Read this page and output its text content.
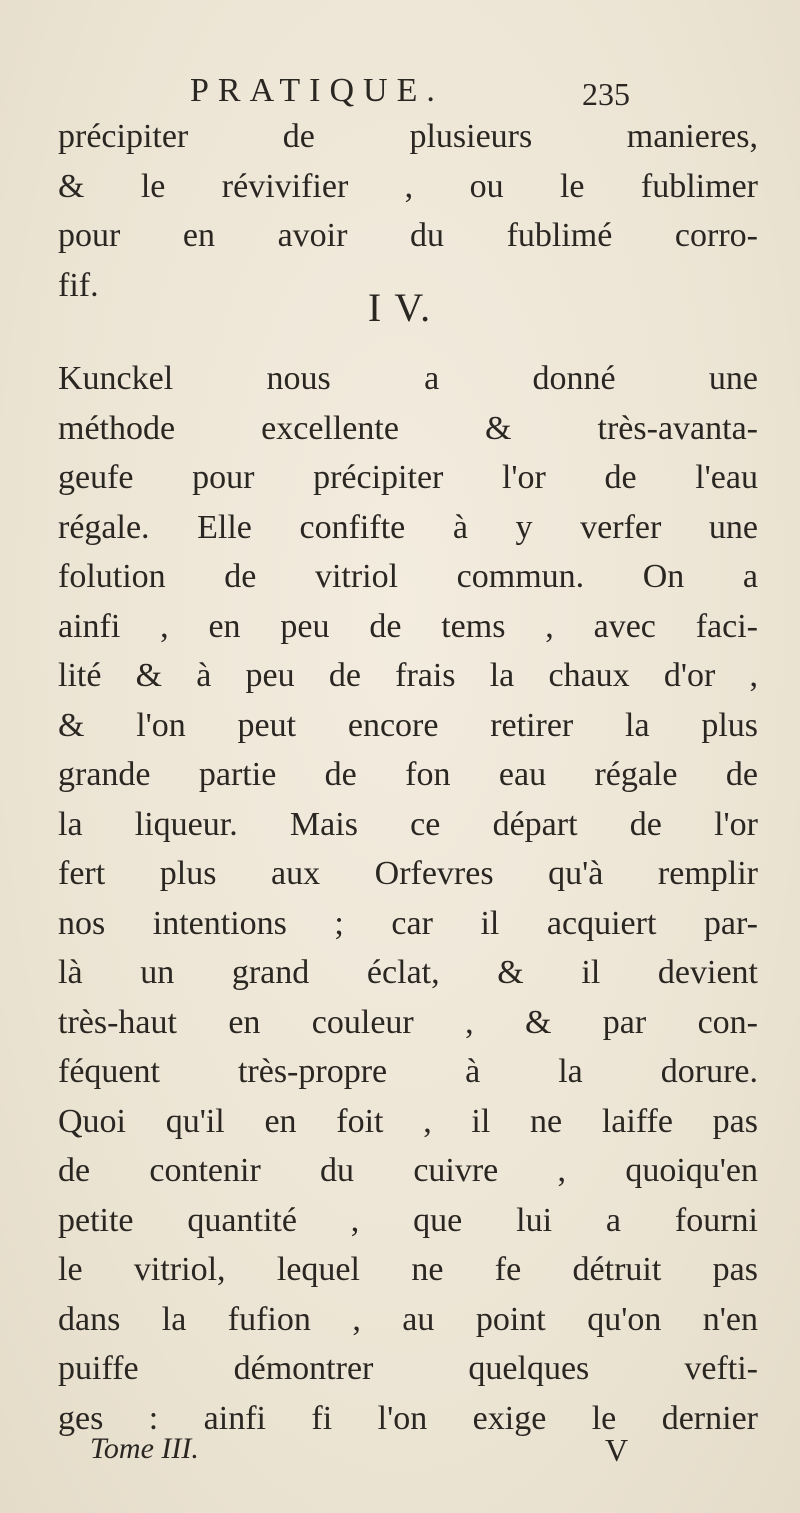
PRATIQUE.	235
précipiter de plusieurs manieres,
& le révivifier , ou le fublimer
pour en avoir du fublimé corro-
fif.	I V.
Kunckel nous a donné une
méthode excellente & très-avanta-
geufe pour précipiter l'or de l'eau
régale. Elle confifte à y verfer une
folution de vitriol commun. On a
ainfi , en peu de tems , avec faci-
lité & à peu de frais la chaux d'or ,
& l'on peut encore retirer la plus
grande partie de fon eau régale de
la liqueur. Mais ce départ de l'or
fert plus aux Orfevres qu'à remplir
nos intentions ; car il acquiert par-
là un grand éclat, & il devient
très-haut en couleur , & par con-
féquent très-propre à la dorure.
Quoi qu'il en foit , il ne laiffe pas
de contenir du cuivre , quoiqu'en
petite quantité , que lui a fourni
le vitriol, lequel ne fe détruit pas
dans la fufion , au point qu'on n'en
puiffe démontrer quelques vefti-
ges : ainfi fi l'on exige le dernier
Tome III.	V
